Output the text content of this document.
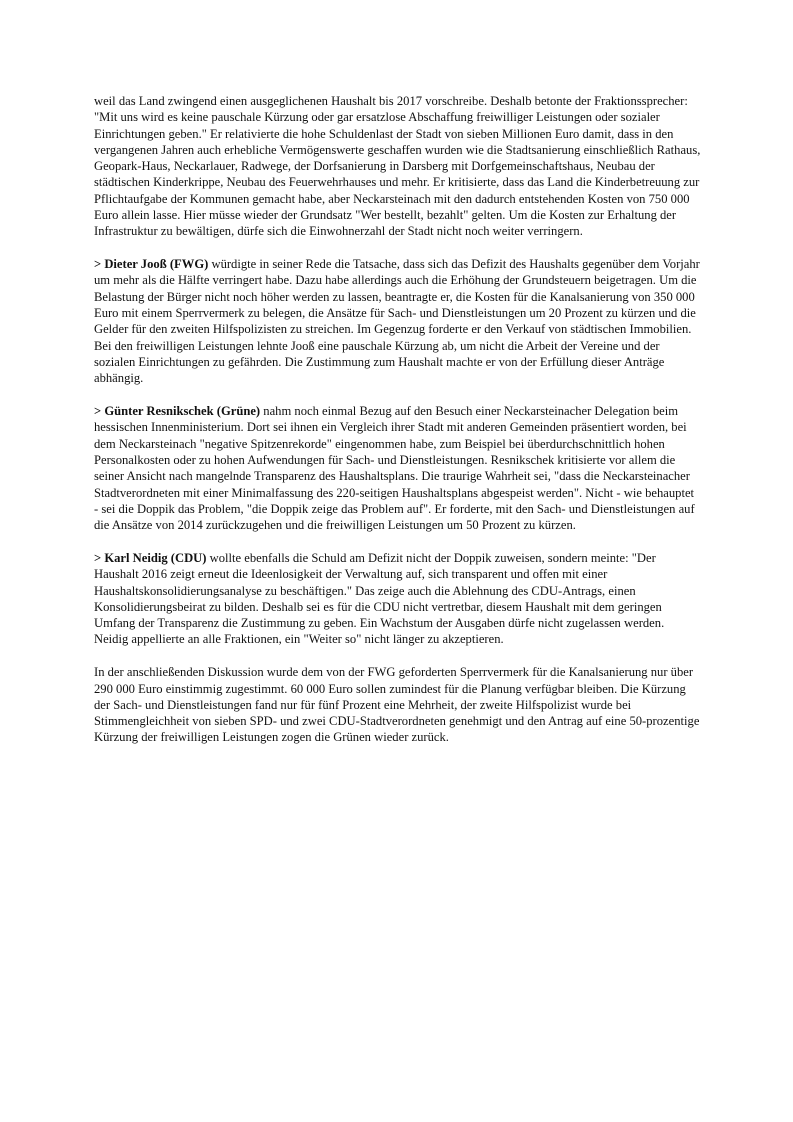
weil das Land zwingend einen ausgeglichenen Haushalt bis 2017 vorschreibe. Deshalb betonte der Fraktionssprecher: "Mit uns wird es keine pauschale Kürzung oder gar ersatzlose Abschaffung freiwilliger Leistungen oder sozialer Einrichtungen geben." Er relativierte die hohe Schuldenlast der Stadt von sieben Millionen Euro damit, dass in den vergangenen Jahren auch erhebliche Vermögenswerte geschaffen wurden wie die Stadtsanierung einschließlich Rathaus, Geopark-Haus, Neckarlauer, Radwege, der Dorfsanierung in Darsberg mit Dorfgemeinschaftshaus, Neubau der städtischen Kinderkrippe, Neubau des Feuerwehrhauses und mehr. Er kritisierte, dass das Land die Kinderbetreuung zur Pflichtaufgabe der Kommunen gemacht habe, aber Neckarsteinach mit den dadurch entstehenden Kosten von 750 000 Euro allein lasse. Hier müsse wieder der Grundsatz "Wer bestellt, bezahlt" gelten. Um die Kosten zur Erhaltung der Infrastruktur zu bewältigen, dürfe sich die Einwohnerzahl der Stadt nicht noch weiter verringern.

> Dieter Jooß (FWG) würdigte in seiner Rede die Tatsache, dass sich das Defizit des Haushalts gegenüber dem Vorjahr um mehr als die Hälfte verringert habe. Dazu habe allerdings auch die Erhöhung der Grundsteuern beigetragen. Um die Belastung der Bürger nicht noch höher werden zu lassen, beantragte er, die Kosten für die Kanalsanierung von 350 000 Euro mit einem Sperrvermerk zu belegen, die Ansätze für Sach- und Dienstleistungen um 20 Prozent zu kürzen und die Gelder für den zweiten Hilfspolizisten zu streichen. Im Gegenzug forderte er den Verkauf von städtischen Immobilien. Bei den freiwilligen Leistungen lehnte Jooß eine pauschale Kürzung ab, um nicht die Arbeit der Vereine und der sozialen Einrichtungen zu gefährden. Die Zustimmung zum Haushalt machte er von der Erfüllung dieser Anträge abhängig.

> Günter Resnikschek (Grüne) nahm noch einmal Bezug auf den Besuch einer Neckarsteinacher Delegation beim hessischen Innenministerium. Dort sei ihnen ein Vergleich ihrer Stadt mit anderen Gemeinden präsentiert worden, bei dem Neckarsteinach "negative Spitzenrekorde" eingenommen habe, zum Beispiel bei überdurchschnittlich hohen Personalkosten oder zu hohen Aufwendungen für Sach- und Dienstleistungen. Resnikschek kritisierte vor allem die seiner Ansicht nach mangelnde Transparenz des Haushaltsplans. Die traurige Wahrheit sei, "dass die Neckarsteinacher Stadtverordneten mit einer Minimalfassung des 220-seitigen Haushaltsplans abgespeist werden". Nicht - wie behauptet - sei die Doppik das Problem, "die Doppik zeige das Problem auf". Er forderte, mit den Sach- und Dienstleistungen auf die Ansätze von 2014 zurückzugehen und die freiwilligen Leistungen um 50 Prozent zu kürzen.

> Karl Neidig (CDU) wollte ebenfalls die Schuld am Defizit nicht der Doppik zuweisen, sondern meinte: "Der Haushalt 2016 zeigt erneut die Ideenlosigkeit der Verwaltung auf, sich transparent und offen mit einer Haushaltskonsolidierungsanalyse zu beschäftigen." Das zeige auch die Ablehnung des CDU-Antrags, einen Konsolidierungsbeirat zu bilden. Deshalb sei es für die CDU nicht vertretbar, diesem Haushalt mit dem geringen Umfang der Transparenz die Zustimmung zu geben. Ein Wachstum der Ausgaben dürfe nicht zugelassen werden. Neidig appellierte an alle Fraktionen, ein "Weiter so" nicht länger zu akzeptieren.

In der anschließenden Diskussion wurde dem von der FWG geforderten Sperrvermerk für die Kanalsanierung nur über 290 000 Euro einstimmig zugestimmt. 60 000 Euro sollen zumindest für die Planung verfügbar bleiben. Die Kürzung der Sach- und Dienstleistungen fand nur für fünf Prozent eine Mehrheit, der zweite Hilfspolizist wurde bei Stimmengleichheit von sieben SPD- und zwei CDU-Stadtverordneten genehmigt und den Antrag auf eine 50-prozentige Kürzung der freiwilligen Leistungen zogen die Grünen wieder zurück.
